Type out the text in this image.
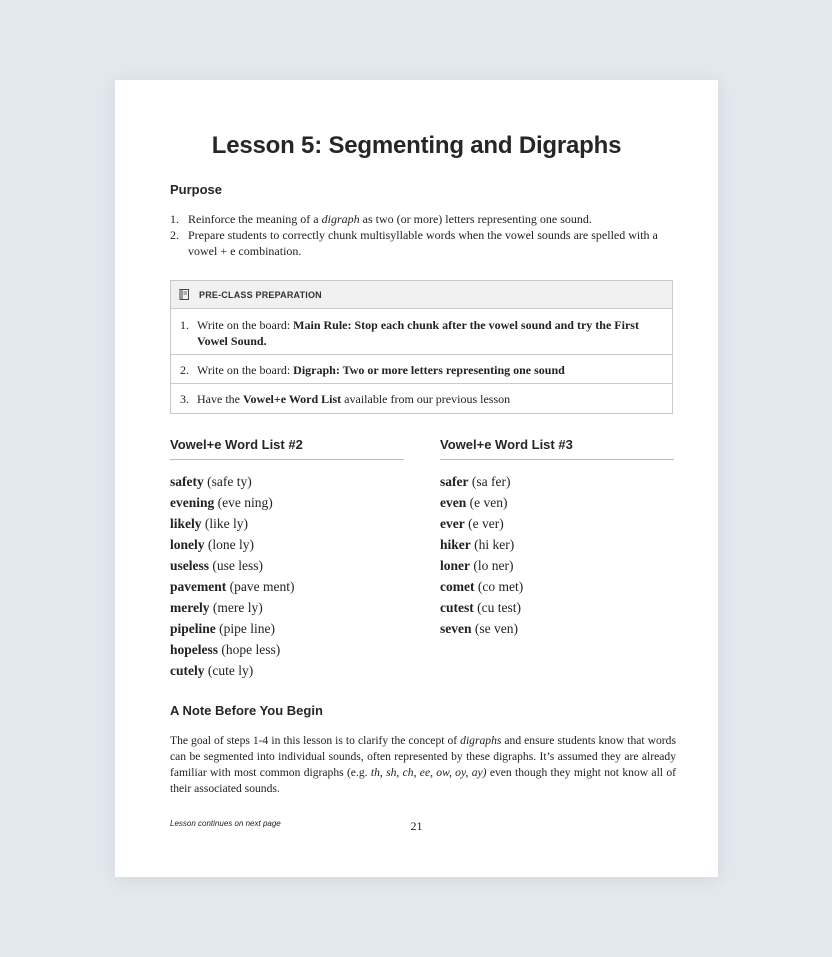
Lesson 5: Segmenting and Digraphs
Purpose
1. Reinforce the meaning of a digraph as two (or more) letters representing one sound.
2. Prepare students to correctly chunk multisyllable words when the vowel sounds are spelled with a vowel + e combination.
PRE-CLASS PREPARATION
1. Write on the board: Main Rule: Stop each chunk after the vowel sound and try the First Vowel Sound.
2. Write on the board: Digraph: Two or more letters representing one sound
3. Have the Vowel+e Word List available from our previous lesson
Vowel+e Word List #2	Vowel+e Word List #3
safety (safe ty)
evening (eve ning)
likely (like ly)
lonely (lone ly)
useless (use less)
pavement (pave ment)
merely (mere ly)
pipeline (pipe line)
hopeless (hope less)
cutely (cute ly)
safer (sa fer)
even (e ven)
ever (e ver)
hiker (hi ker)
loner (lo ner)
comet (co met)
cutest (cu test)
seven (se ven)
A Note Before You Begin

The goal of steps 1-4 in this lesson is to clarify the concept of digraphs and ensure students know that words can be segmented into individual sounds, often represented by these digraphs. It’s assumed they are already familiar with most common digraphs (e.g. th, sh, ch, ee, ow, oy, ay) even though they might not know all of their associated sounds.

Lesson continues on next page	21
